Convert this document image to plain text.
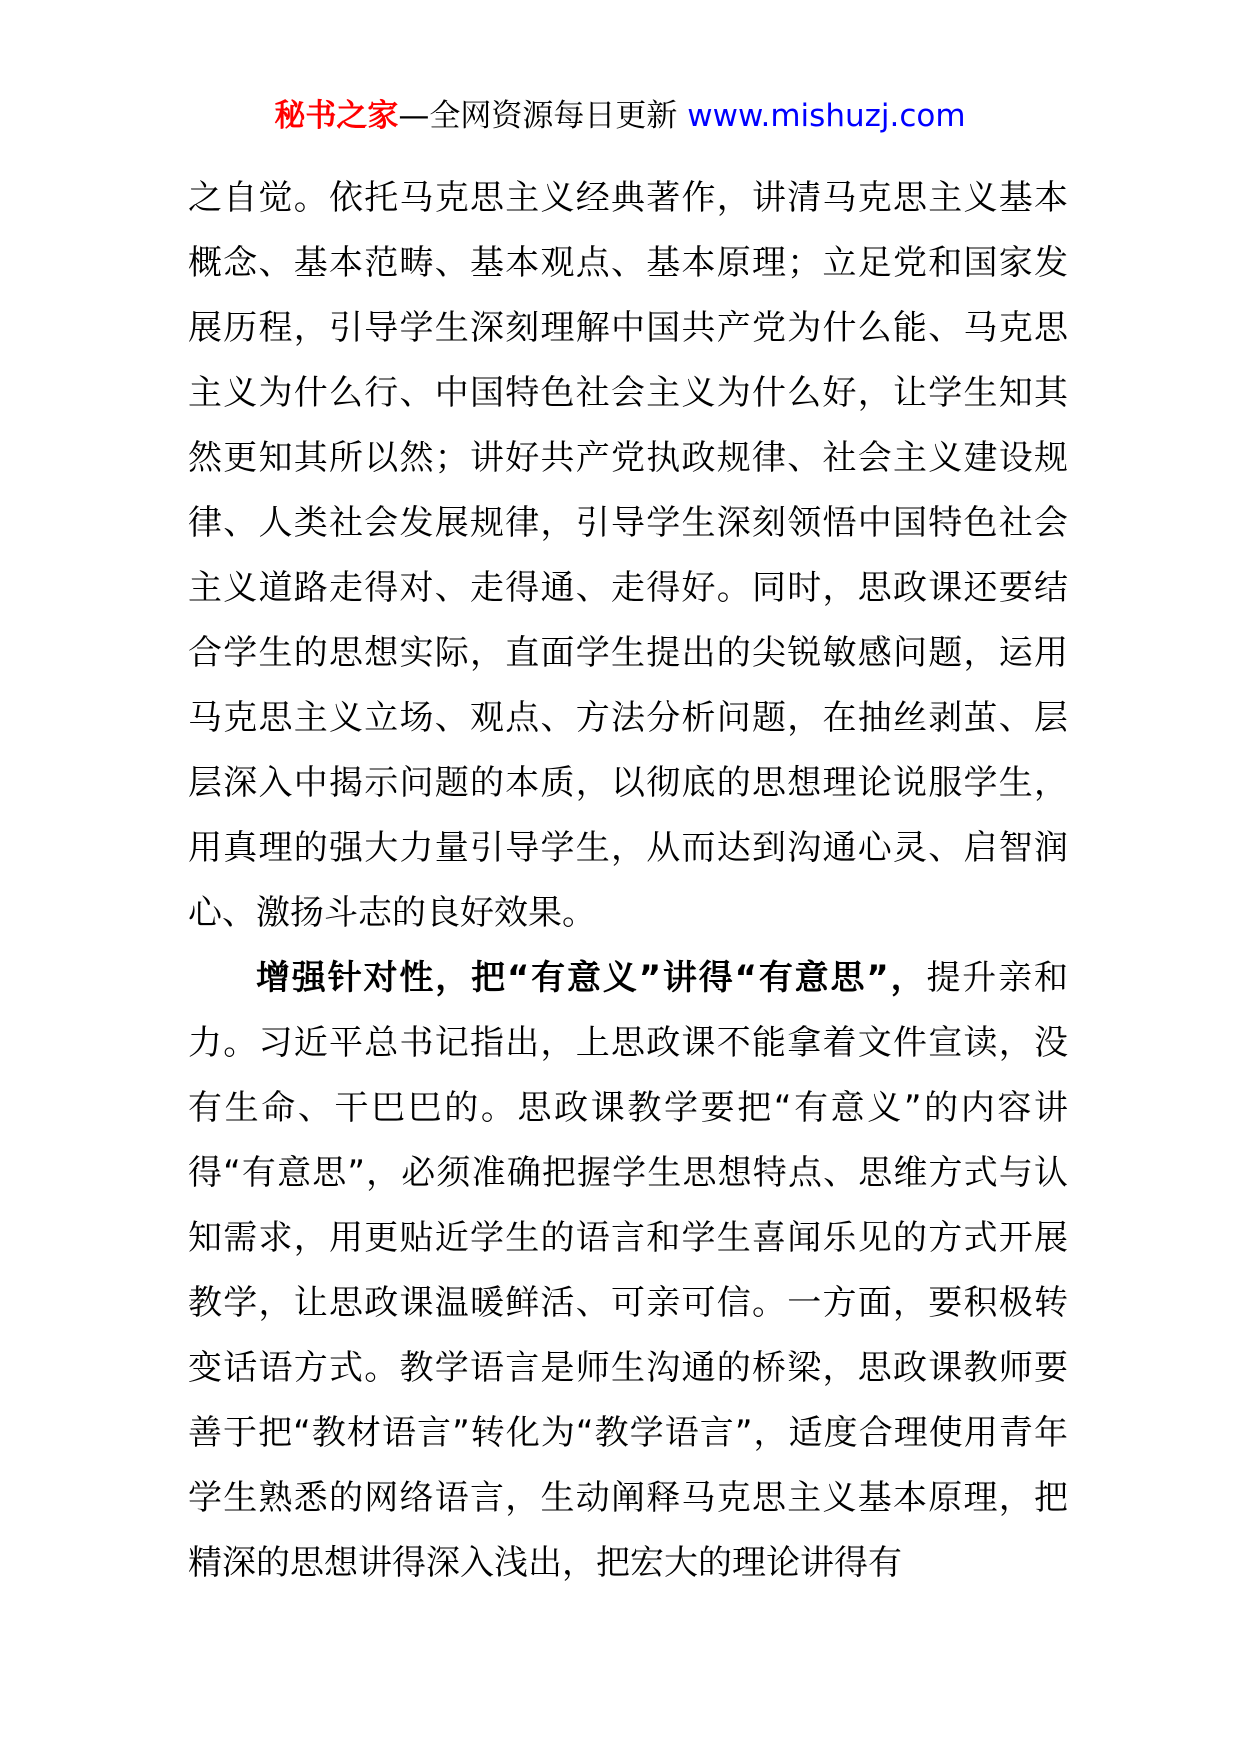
秘书之家—全网资源每日更新 www.mishuzj.com

之自觉。依托马克思主义经典著作，讲清马克思主义基本概念、基本范畴、基本观点、基本原理；立足党和国家发展历程，引导学生深刻理解中国共产党为什么能、马克思主义为什么行、中国特色社会主义为什么好，让学生知其然更知其所以然；讲好共产党执政规律、社会主义建设规律、人类社会发展规律，引导学生深刻领悟中国特色社会主义道路走得对、走得通、走得好。同时，思政课还要结合学生的思想实际，直面学生提出的尖锐敏感问题，运用马克思主义立场、观点、方法分析问题，在抽丝剥茧、层层深入中揭示问题的本质，以彻底的思想理论说服学生，用真理的强大力量引导学生，从而达到沟通心灵、启智润心、激扬斗志的良好效果。

增强针对性，把“有意义”讲得“有意思”，提升亲和力。习近平总书记指出，上思政课不能拿着文件宣读，没有生命、干巴巴的。思政课教学要把“有意义”的内容讲得“有意思”，必须准确把握学生思想特点、思维方式与认知需求，用更贴近学生的语言和学生喜闻乐见的方式开展教学，让思政课温暖鲜活、可亲可信。一方面，要积极转变话语方式。教学语言是师生沟通的桥梁，思政课教师要善于把“教材语言”转化为“教学语言”，适度合理使用青年学生熟悉的网络语言，生动阐释马克思主义基本原理，把精深的思想讲得深入浅出，把宏大的理论讲得有
